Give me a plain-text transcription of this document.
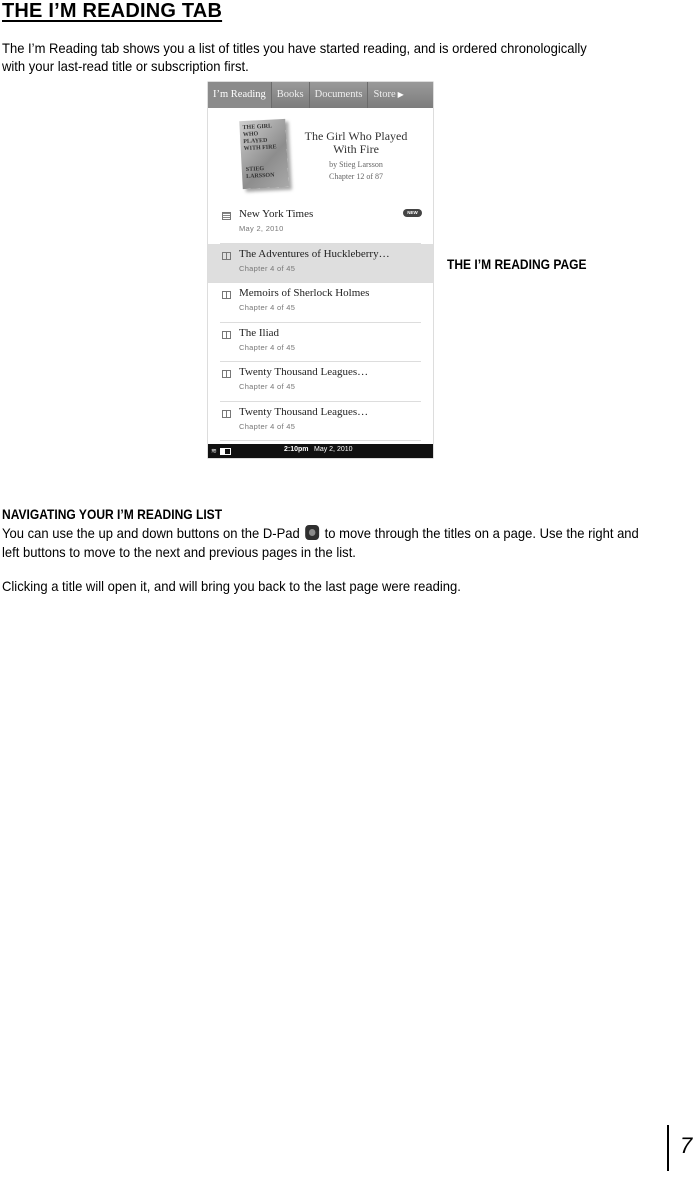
THE I’M READING TAB

The I’m Reading tab shows you a list of titles you have started reading, and is ordered chronologically with your last-read title or subscription first.

I’m Reading	Books	Documents	Store ▶
THE GIRL WHO PLAYED WITH FIRE
STIEG LARSSON
The Girl Who Played With Fire
by Stieg Larsson
Chapter 12 of 87
New York Times
May 2, 2010
NEW
The Adventures of Huckleberry…
Chapter 4 of 45
Memoirs of Sherlock Holmes
Chapter 4 of 45
The Iliad
Chapter 4 of 45
Twenty Thousand Leagues…
Chapter 4 of 45
Twenty Thousand Leagues…
Chapter 4 of 45
≋	2:10pm May 2, 2010

THE I’M READING PAGE

NAVIGATING YOUR I’M READING LIST

You can use the up and down buttons on the D-Pad to move through the titles on a page. Use the right and left buttons to move to the next and previous pages in the list.

Clicking a title will open it, and will bring you back to the last page were reading.

7
